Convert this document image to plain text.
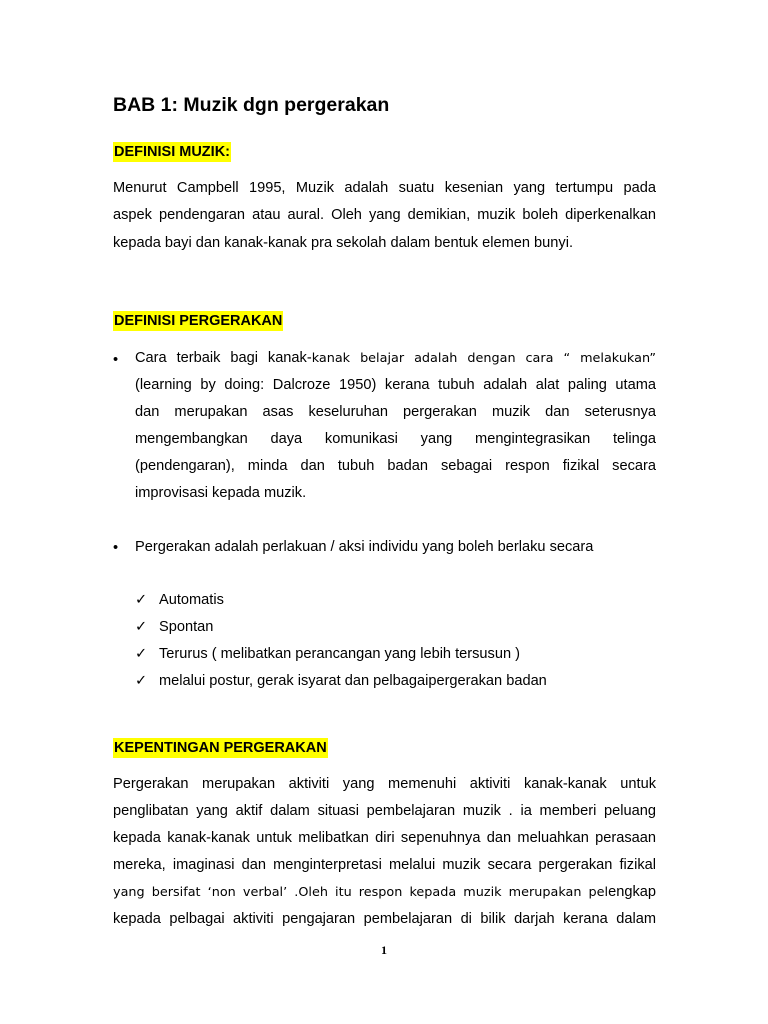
BAB 1: Muzik dgn pergerakan
DEFINISI MUZIK:
Menurut Campbell 1995, Muzik adalah suatu kesenian yang tertumpu pada
aspek pendengaran atau aural. Oleh yang demikian, muzik boleh diperkenalkan
kepada bayi dan kanak-kanak pra sekolah dalam bentuk elemen bunyi.
DEFINISI PERGERAKAN
• Cara terbaik bagi kanak-kanak belajar adalah dengan cara “ melakukan”
(learning by doing: Dalcroze 1950) kerana tubuh adalah alat paling utama
dan merupakan asas keseluruhan pergerakan muzik dan seterusnya
mengembangkan daya komunikasi yang mengintegrasikan telinga
(pendengaran), minda dan tubuh badan sebagai respon fizikal secara
improvisasi kepada muzik.
• Pergerakan adalah perlakuan / aksi individu yang boleh berlaku secara
✓ Automatis
✓ Spontan
✓ Terurus ( melibatkan perancangan yang lebih tersusun )
✓ melalui postur, gerak isyarat dan pelbagaipergerakan badan
KEPENTINGAN PERGERAKAN
Pergerakan merupakan aktiviti yang memenuhi aktiviti kanak-kanak untuk
penglibatan yang aktif dalam situasi pembelajaran muzik . ia memberi peluang
kepada kanak-kanak untuk melibatkan diri sepenuhnya dan meluahkan perasaan
mereka, imaginasi dan menginterpretasi melalui muzik secara pergerakan fizikal
yang bersifat ‘non verbal’ .Oleh itu respon kepada muzik merupakan pelengkap
kepada pelbagai aktiviti pengajaran pembelajaran di bilik darjah kerana dalam
1
